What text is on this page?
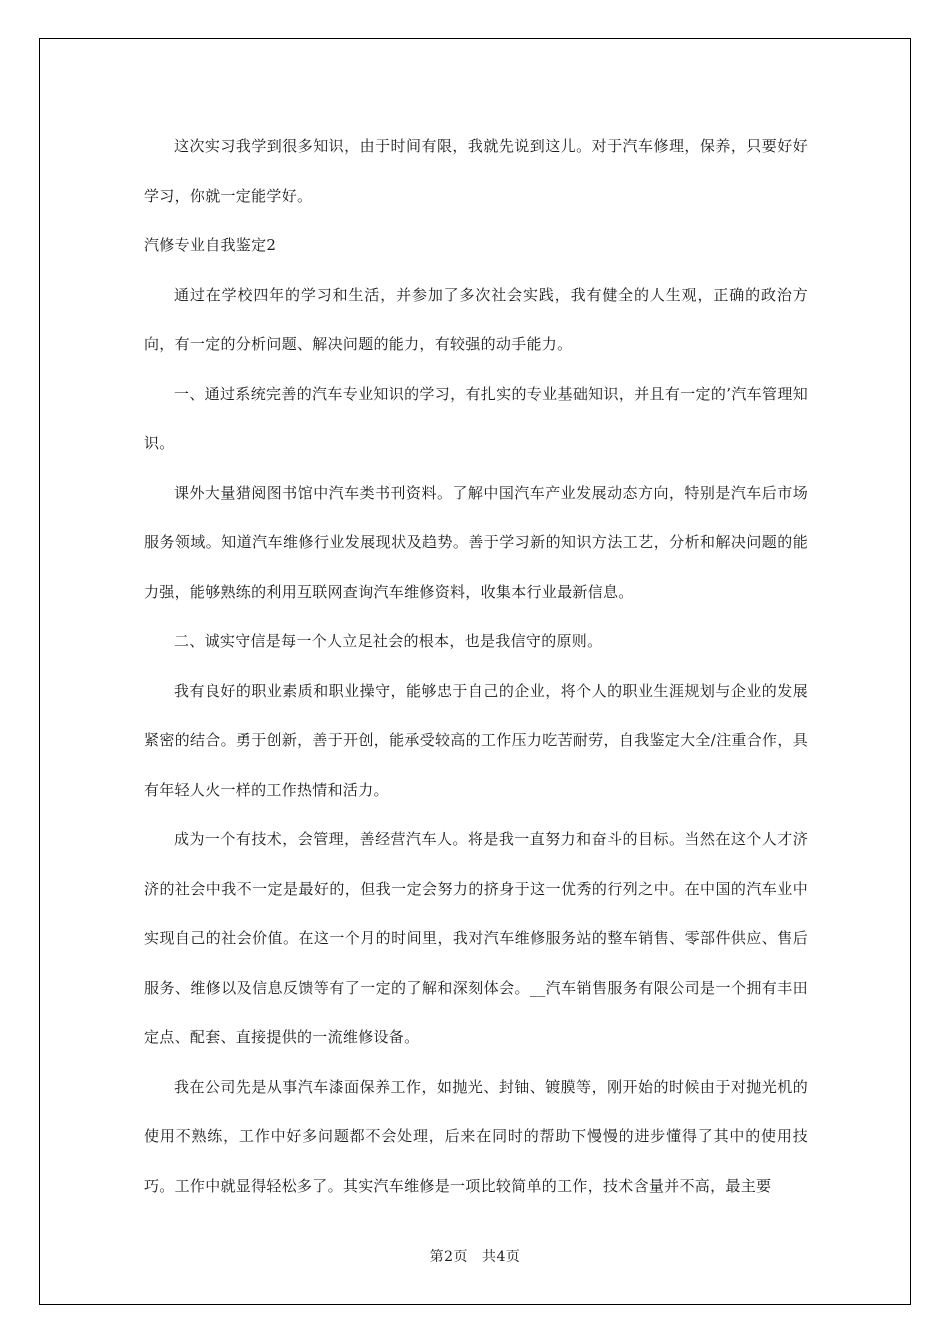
这次实习我学到很多知识，由于时间有限，我就先说到这儿。对于汽车修理，保养，只要好好学习，你就一定能学好。

汽修专业自我鉴定2

通过在学校四年的学习和生活，并参加了多次社会实践，我有健全的人生观，正确的政治方向，有一定的分析问题、解决问题的能力，有较强的动手能力。

一、通过系统完善的汽车专业知识的学习，有扎实的专业基础知识，并且有一定的’汽车管理知识。

课外大量猎阅图书馆中汽车类书刊资料。了解中国汽车产业发展动态方向，特别是汽车后市场服务领域。知道汽车维修行业发展现状及趋势。善于学习新的知识方法工艺，分析和解决问题的能力强，能够熟练的利用互联网查询汽车维修资料，收集本行业最新信息。

二、诚实守信是每一个人立足社会的根本，也是我信守的原则。

我有良好的职业素质和职业操守，能够忠于自己的企业，将个人的职业生涯规划与企业的发展紧密的结合。勇于创新，善于开创，能承受较高的工作压力吃苦耐劳，自我鉴定大全/注重合作，具有年轻人火一样的工作热情和活力。

成为一个有技术，会管理，善经营汽车人。将是我一直努力和奋斗的目标。当然在这个人才济济的社会中我不一定是最好的，但我一定会努力的挤身于这一优秀的行列之中。在中国的汽车业中实现自己的社会价值。在这一个月的时间里，我对汽车维修服务站的整车销售、零部件供应、售后服务、维修以及信息反馈等有了一定的了解和深刻体会。__汽车销售服务有限公司是一个拥有丰田定点、配套、直接提供的一流维修设备。

我在公司先是从事汽车漆面保养工作，如抛光、封铀、镀膜等，刚开始的时候由于对抛光机的使用不熟练，工作中好多问题都不会处理，后来在同时的帮助下慢慢的进步懂得了其中的使用技巧。工作中就显得轻松多了。其实汽车维修是一项比较简单的工作，技术含量并不高，最主要

第2页 共4页
